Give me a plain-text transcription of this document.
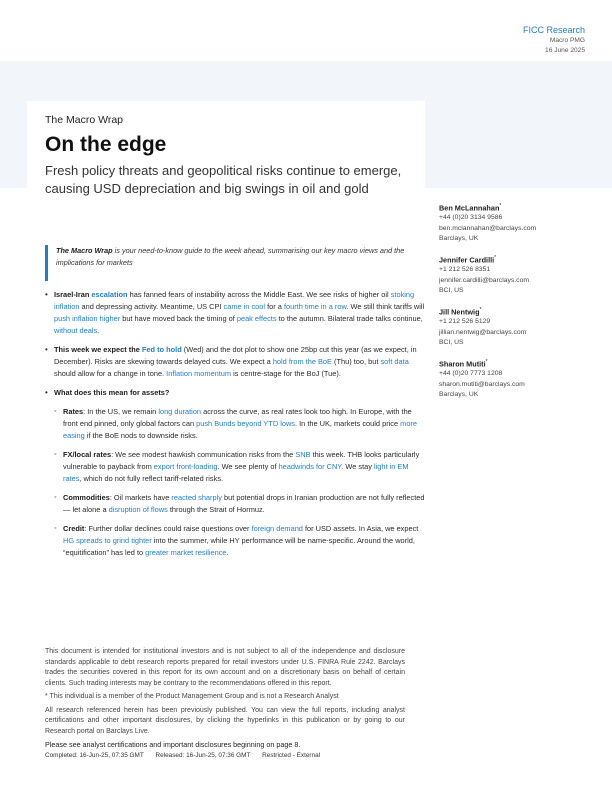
FICC Research
Macro PMG
16 June 2025
The Macro Wrap
On the edge
Fresh policy threats and geopolitical risks continue to emerge, causing USD depreciation and big swings in oil and gold

The Macro Wrap is your need-to-know guide to the week ahead, summarising our key macro views and the implications for markets

• Israel-Iran escalation has fanned fears of instability across the Middle East. We see risks of higher oil stoking inflation and depressing activity. Meantime, US CPI came in cool for a fourth time in a row. We still think tariffs will push inflation higher but have moved back the timing of peak effects to the autumn. Bilateral trade talks continue, without deals.
• This week we expect the Fed to hold (Wed) and the dot plot to show one 25bp cut this year (as we expect, in December). Risks are skewing towards delayed cuts. We expect a hold from the BoE (Thu) too, but soft data should allow for a change in tone. Inflation momentum is centre-stage for the BoJ (Tue).
• What does this mean for assets?
◦ Rates: In the US, we remain long duration across the curve, as real rates look too high. In Europe, with the front end pinned, only global factors can push Bunds beyond YTD lows. In the UK, markets could price more easing if the BoE nods to downside risks.
◦ FX/local rates: We see modest hawkish communication risks from the SNB this week. THB looks particularly vulnerable to payback from export front-loading. We see plenty of headwinds for CNY. We stay light in EM rates, which do not fully reflect tariff-related risks.
◦ Commodities: Oil markets have reacted sharply but potential drops in Iranian production are not fully reflected — let alone a disruption of flows through the Strait of Hormuz.
◦ Credit: Further dollar declines could raise questions over foreign demand for USD assets. In Asia, we expect HG spreads to grind tighter into the summer, while HY performance will be name-specific. Around the world, “equitification” has led to greater market resilience.
Ben McLannahan*
+44 (0)20 3134 9586
ben.mclannahan@barclays.com
Barclays, UK
Jennifer Cardilli*
+1 212 526 8351
jennifer.cardilli@barclays.com
BCI, US
Jill Nentwig*
+1 212 526 5129
jillian.nentwig@barclays.com
BCI, US
Sharon Mutiti*
+44 (0)20 7773 1208
sharon.mutiti@barclays.com
Barclays, UK

This document is intended for institutional investors and is not subject to all of the independence and disclosure standards applicable to debt research reports prepared for retail investors under U.S. FINRA Rule 2242. Barclays trades the securities covered in this report for its own account and on a discretionary basis on behalf of certain clients. Such trading interests may be contrary to the recommendations offered in this report.

* This individual is a member of the Product Management Group and is not a Research Analyst

All research referenced herein has been previously published. You can view the full reports, including analyst certifications and other important disclosures, by clicking the hyperlinks in this publication or by going to our Research portal on Barclays Live.

Please see analyst certifications and important disclosures beginning on page 8.

Completed: 16-Jun-25, 07:35 GMT Released: 16-Jun-25, 07:36 GMT Restricted - External
